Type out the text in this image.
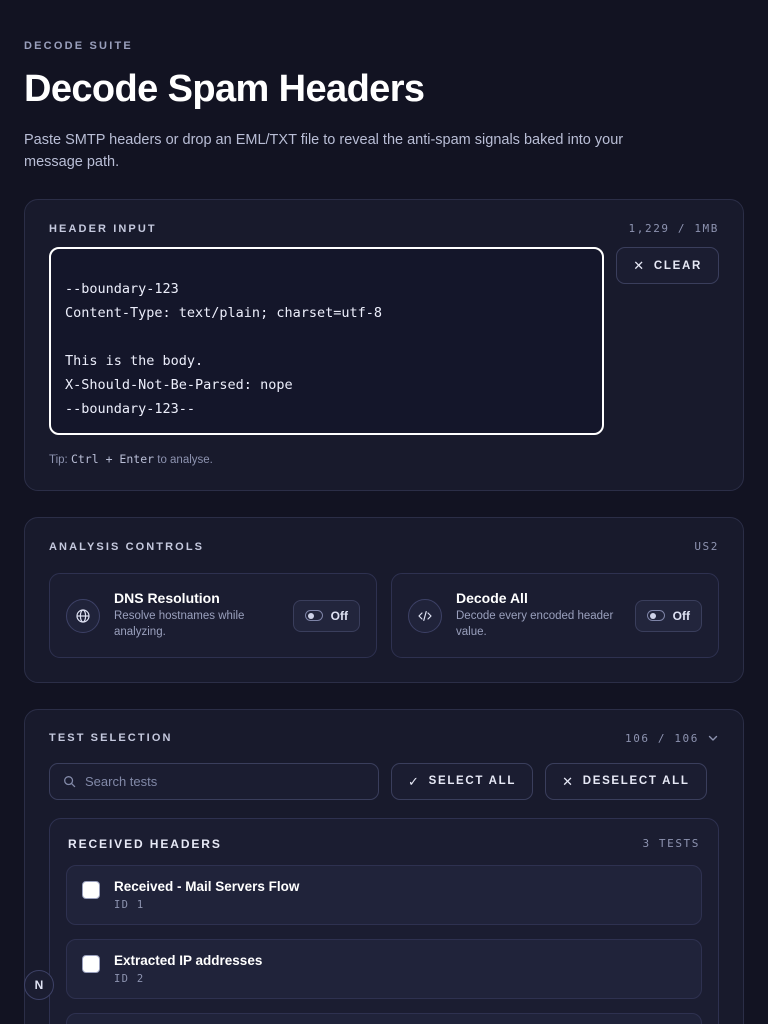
DECODE SUITE
Decode Spam Headers

Paste SMTP headers or drop an EML/TXT file to reveal the anti-spam signals baked into your message path.

HEADER INPUT	1,229 / 1MB
X-MS-Exchange-Organization-SCL: 1 --boundary-123 Content-Type: text/plain; charset=utf-8 This is the body. X-Should-Not-Be-Parsed: nope --boundary-123--
✕ CLEAR
Tip: Ctrl + Enter to analyse.
ANALYSIS CONTROLS	US2
DNS Resolution
Resolve hostnames while analyzing.
Off
Decode All
Decode every encoded header value.
Off
TEST SELECTION	106 / 106
Search tests
✓ SELECT ALL	✕ DESELECT ALL
RECEIVED HEADERS	3 TESTS
Received - Mail Servers Flow
ID 1
Extracted IP addresses
ID 2
N
